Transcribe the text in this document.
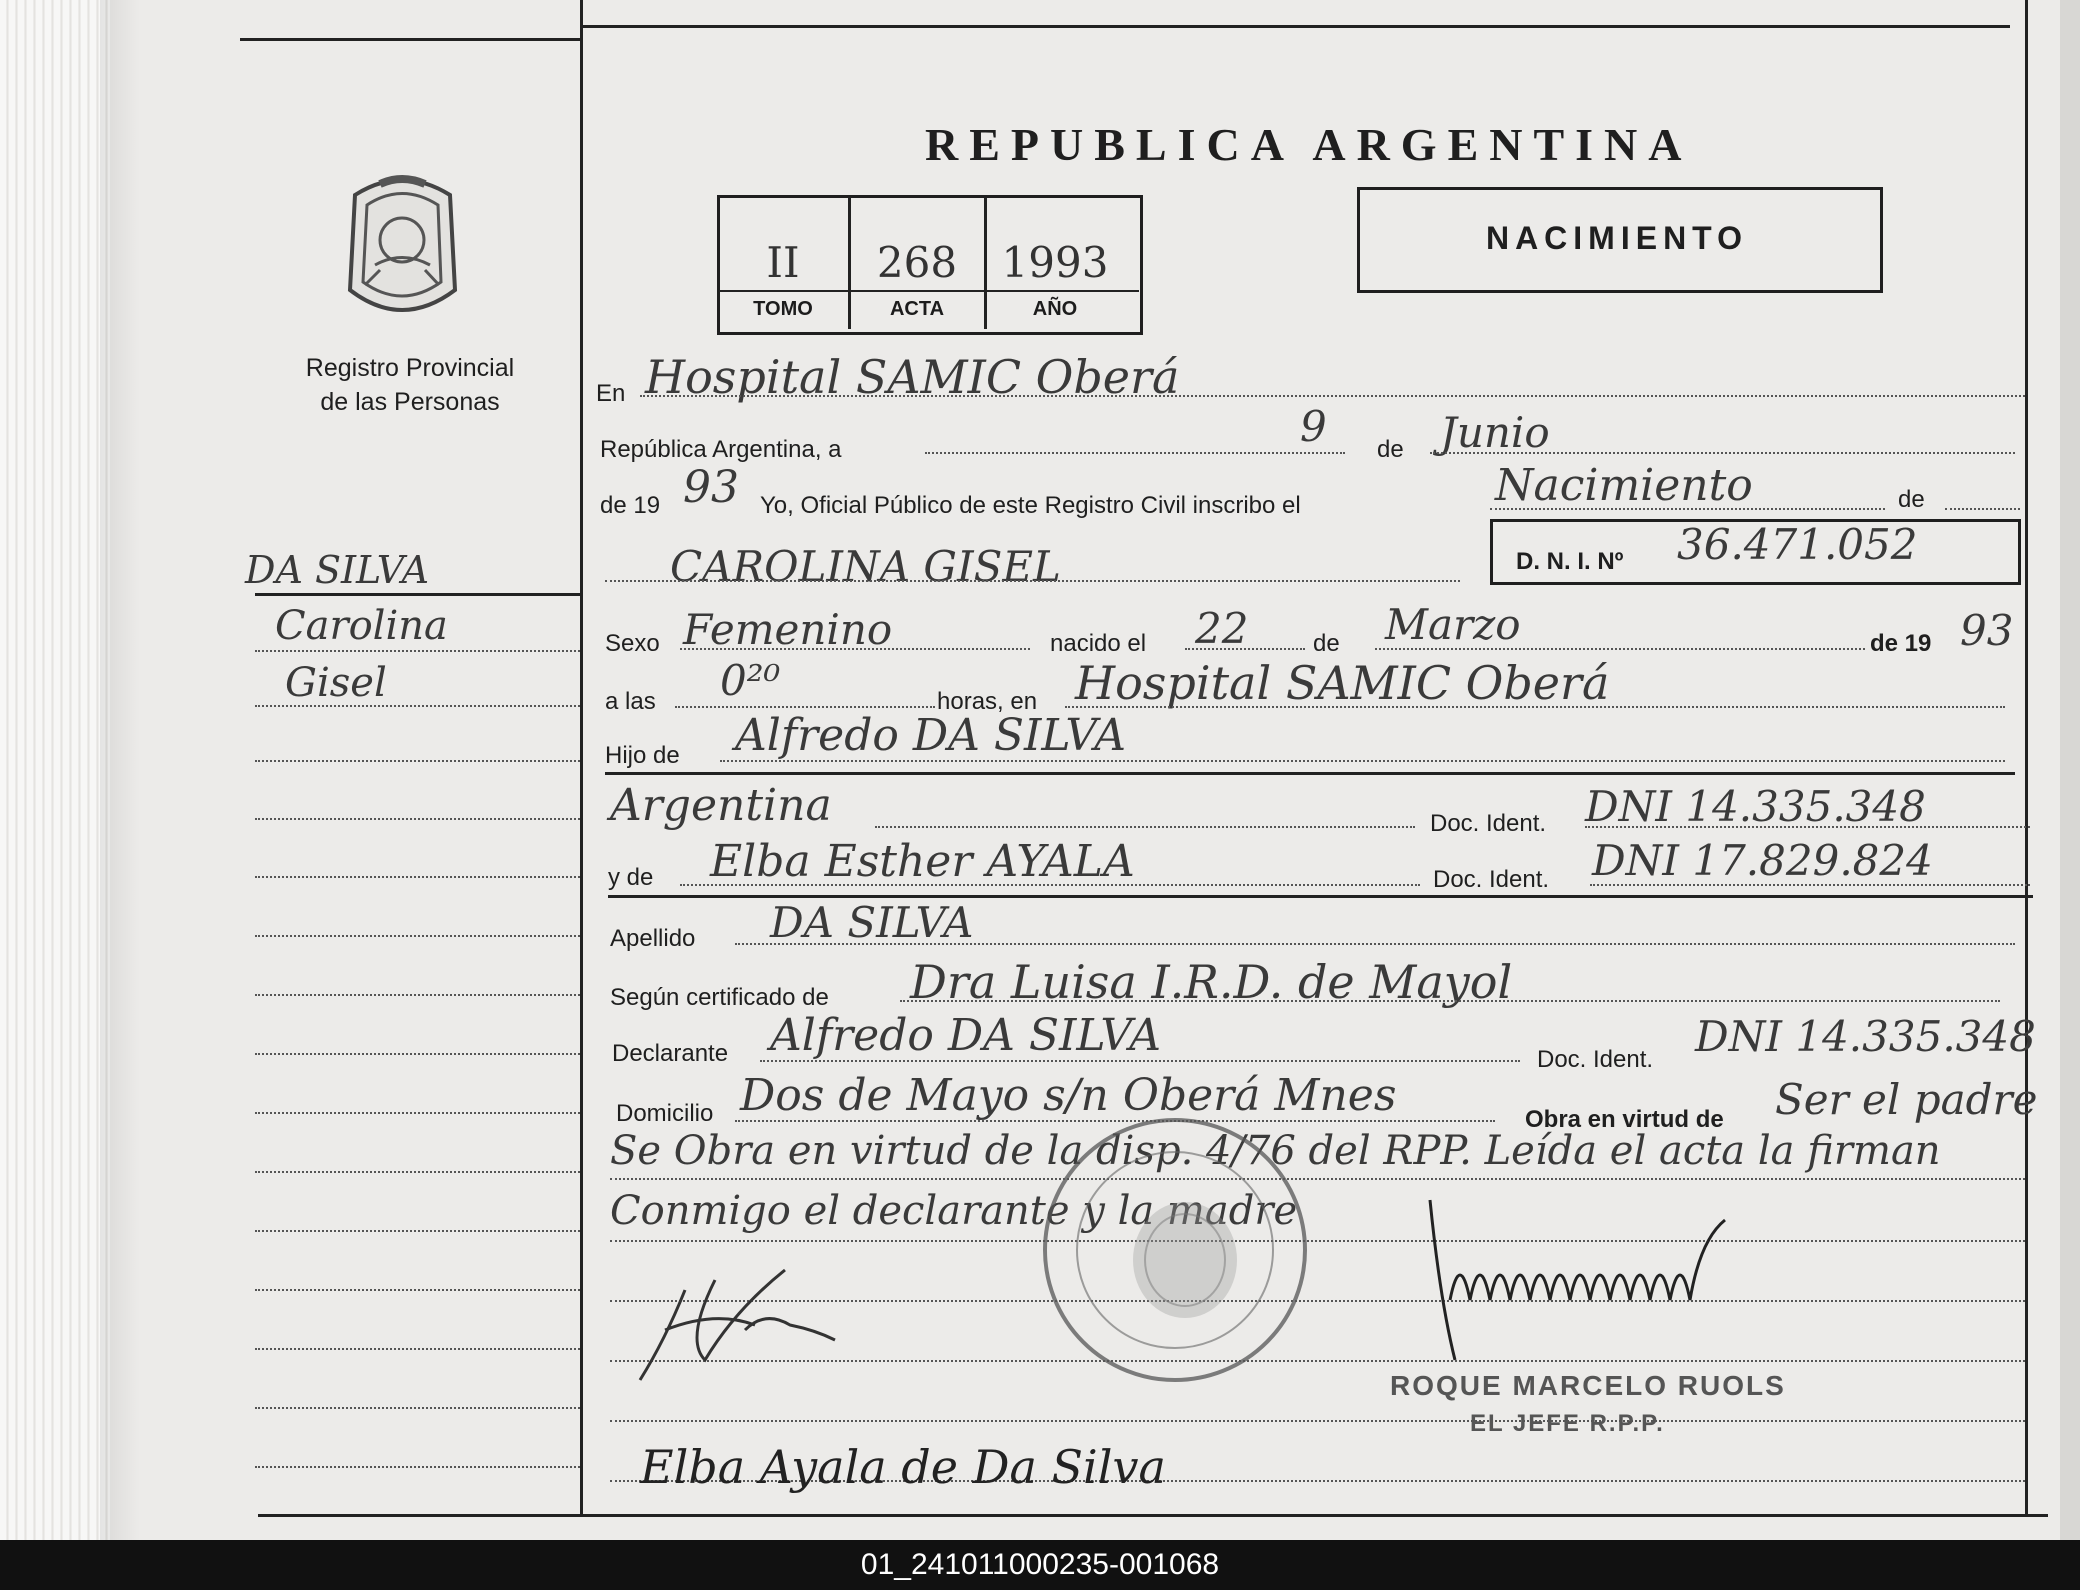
REPUBLICA ARGENTINA
II	268	1993
TOMO	ACTA	AÑO
NACIMIENTO
Registro Provincial
de las Personas
DA SILVA
Carolina
Gisel
En Hospital SAMIC Oberá
República Argentina, a	9 de Junio
de 19 93 Yo, Oficial Público de este Registro Civil inscribo el	Nacimiento	de
CAROLINA GISEL	D. N. I. Nº 36.471.052
Sexo Femenino	nacido el 22	de Marzo	de 19 93
a las 0²⁰	horas, en Hospital SAMIC Oberá
Hijo de Alfredo DA SILVA
Argentina	Doc. Ident. DNI 14.335.348
y de Elba Esther AYALA	Doc. Ident. DNI 17.829.824
Apellido DA SILVA
Según certificado de Dra Luisa I.R.D. de Mayol
Declarante Alfredo DA SILVA	Doc. Ident. DNI 14.335.348
Domicilio Dos de Mayo s/n Oberá Mnes	Obra en virtud de Ser el padre
Se Obra en virtud de la disp. 4/76 del RPP. Leída el acta la firman
Conmigo el declarante y la madre
ROQUE MARCELO RUOLS
EL JEFE R.P.P.
Elba Ayala de Da Silva
01_241011000235-001068
